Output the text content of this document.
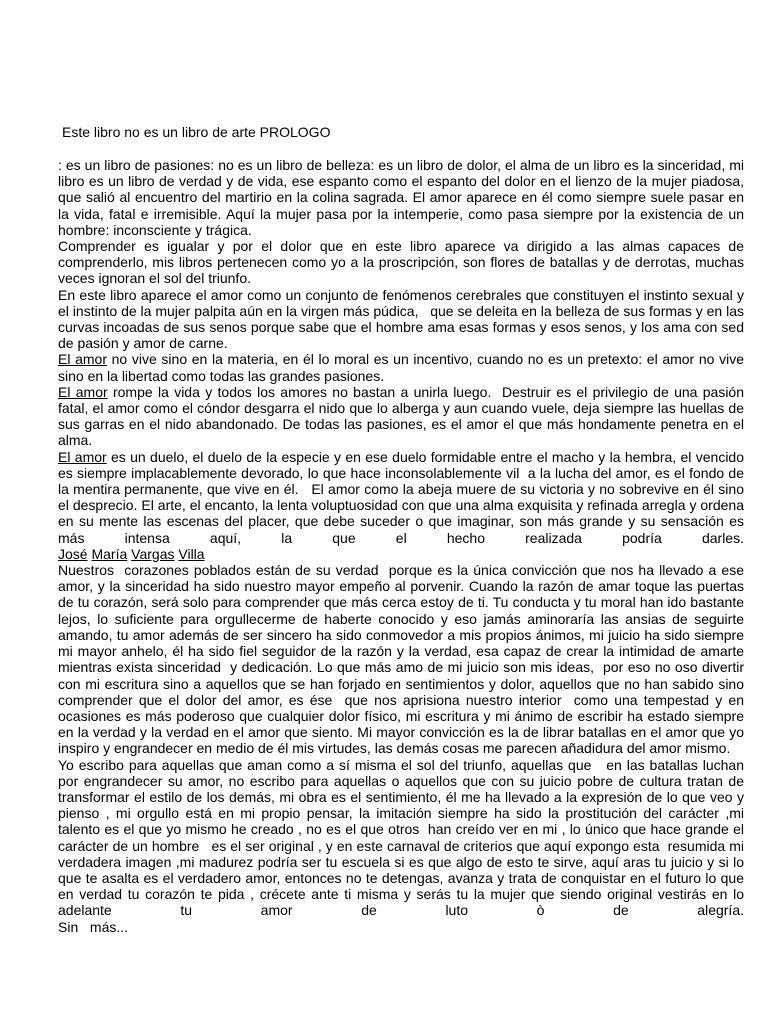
Este libro no es un libro de arte PROLOGO

: es un libro de pasiones: no es un libro de belleza: es un libro de dolor, el alma de un libro es la sinceridad, mi libro es un libro de verdad y de vida, ese espanto como el espanto del dolor en el lienzo de la mujer piadosa, que salió al encuentro del martirio en la colina sagrada. El amor aparece en él como siempre suele pasar en la vida, fatal e irremisible. Aquí la mujer pasa por la intemperie, como pasa siempre por la existencia de un hombre: inconsciente y trágica.

Comprender es igualar y por el dolor que en este libro aparece va dirigido a las almas capaces de comprenderlo, mis libros pertenecen como yo a la proscripción, son flores de batallas y de derrotas, muchas veces ignoran el sol del triunfo.

En este libro aparece el amor como un conjunto de fenómenos cerebrales que constituyen el instinto sexual y el instinto de la mujer palpita aún en la virgen más púdica,   que se deleita en la belleza de sus formas y en las curvas incoadas de sus senos porque sabe que el hombre ama esas formas y esos senos, y los ama con sed de pasión y amor de carne.

El amor no vive sino en la materia, en él lo moral es un incentivo, cuando no es un pretexto: el amor no vive sino en la libertad como todas las grandes pasiones.

El amor rompe la vida y todos los amores no bastan a unirla luego.  Destruir es el privilegio de una pasión fatal, el amor como el cóndor desgarra el nido que lo alberga y aun cuando vuele, deja siempre las huellas de sus garras en el nido abandonado. De todas las pasiones, es el amor el que más hondamente penetra en el alma.

El amor es un duelo, el duelo de la especie y en ese duelo formidable entre el macho y la hembra, el vencido es siempre implacablemente devorado, lo que hace inconsolablemente vil  a la lucha del amor, es el fondo de la mentira permanente, que vive en él.   El amor como la abeja muere de su victoria y no sobrevive en él sino el desprecio. El arte, el encanto, la lenta voluptuosidad con que una alma exquisita y refinada arregla y ordena en su mente las escenas del placer, que debe suceder o que imaginar, son más grande y su sensación es más intensa aquí, la que el hecho realizada podría darles.

José María Vargas Villa

Nuestros  corazones poblados están de su verdad  porque es la única convicción que nos ha llevado a ese amor, y la sinceridad ha sido nuestro mayor empeño al porvenir. Cuando la razón de amar toque las puertas de tu corazón, será solo para comprender que más cerca estoy de ti. Tu conducta y tu moral han ido bastante lejos, lo suficiente para orgullecerme de haberte conocido y eso jamás aminoraría las ansias de seguirte amando, tu amor además de ser sincero ha sido conmovedor a mis propios ánimos, mi juicio ha sido siempre mi mayor anhelo, él ha sido fiel seguidor de la razón y la verdad, esa capaz de crear la intimidad de amarte mientras exista sinceridad  y dedicación. Lo que más amo de mi juicio son mis ideas,  por eso no oso divertir con mi escritura sino a aquellos que se han forjado en sentimientos y dolor, aquellos que no han sabido sino comprender que el dolor del amor, es ése  que nos aprisiona nuestro interior  como una tempestad y en ocasiones es más poderoso que cualquier dolor físico, mi escritura y mi ánimo de escribir ha estado siempre en la verdad y la verdad en el amor que siento. Mi mayor convicción es la de librar batallas en el amor que yo inspiro y engrandecer en medio de él mis virtudes, las demás cosas me parecen añadidura del amor mismo.

Yo escribo para aquellas que aman como a sí misma el sol del triunfo, aquellas que   en las batallas luchan por engrandecer su amor, no escribo para aquellas o aquellos que con su juicio pobre de cultura tratan de transformar el estilo de los demás, mi obra es el sentimiento, él me ha llevado a la expresión de lo que veo y pienso , mi orgullo está en mi propio pensar, la imitación siempre ha sido la prostitución del carácter ,mi talento es el que yo mismo he creado , no es el que otros  han creído ver en mi , lo único que hace grande el carácter de un hombre   es el ser original , y en este carnaval de criterios que aquí expongo esta  resumida mi verdadera imagen ,mi madurez podría ser tu escuela si es que algo de esto te sirve, aquí aras tu juicio y si lo que te asalta es el verdadero amor, entonces no te detengas, avanza y trata de conquistar en el futuro lo que en verdad tu corazón te pida , crécete ante ti misma y serás tu la mujer que siendo original vestirás en lo adelante tu amor de luto ò de alegría.

Sin   más...
